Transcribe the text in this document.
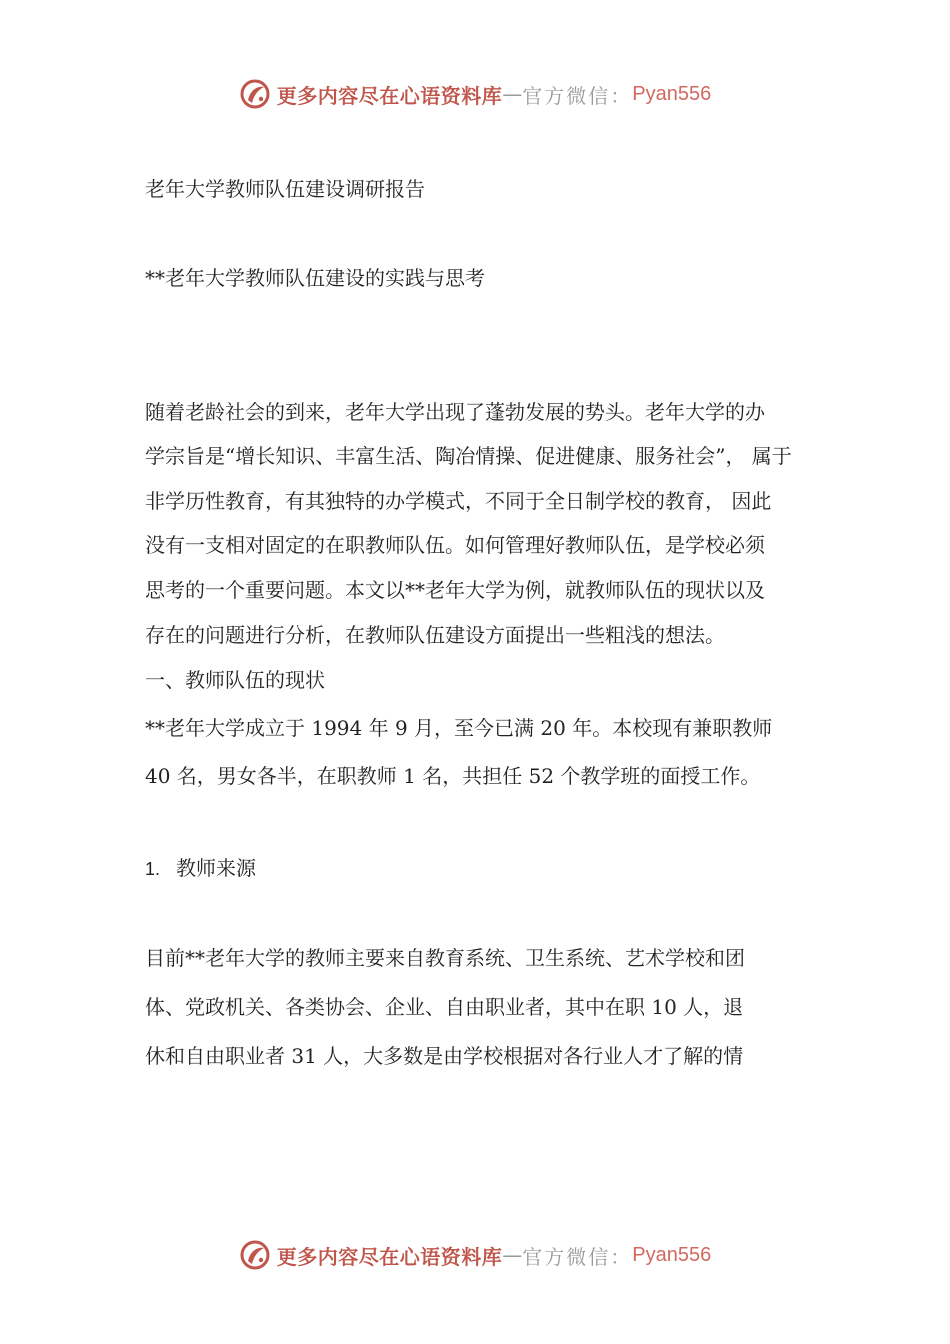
更多内容尽在心语资料库 — 官方微信： Pyan556
老年大学教师队伍建设调研报告
**老年大学教师队伍建设的实践与思考
随着老龄社会的到来，老年大学出现了蓬勃发展的势头。老年大学的办
学宗旨是“增长知识、丰富生活、陶冶情操、促进健康、服务社会”， 属于
非学历性教育，有其独特的办学模式，不同于全日制学校的教育， 因此
没有一支相对固定的在职教师队伍。如何管理好教师队伍，是学校必须
思考的一个重要问题。本文以**老年大学为例，就教师队伍的现状以及
存在的问题进行分析，在教师队伍建设方面提出一些粗浅的想法。
一、教师队伍的现状
**老年大学成立于 1994 年 9 月，至今已满 20 年。本校现有兼职教师
40 名，男女各半，在职教师 1 名，共担任 52 个教学班的面授工作。
1. 教师来源
目前**老年大学的教师主要来自教育系统、卫生系统、艺术学校和团
体、党政机关、各类协会、企业、自由职业者，其中在职 10 人，退
休和自由职业者 31 人，大多数是由学校根据对各行业人才了解的情
更多内容尽在心语资料库 — 官方微信： Pyan556
